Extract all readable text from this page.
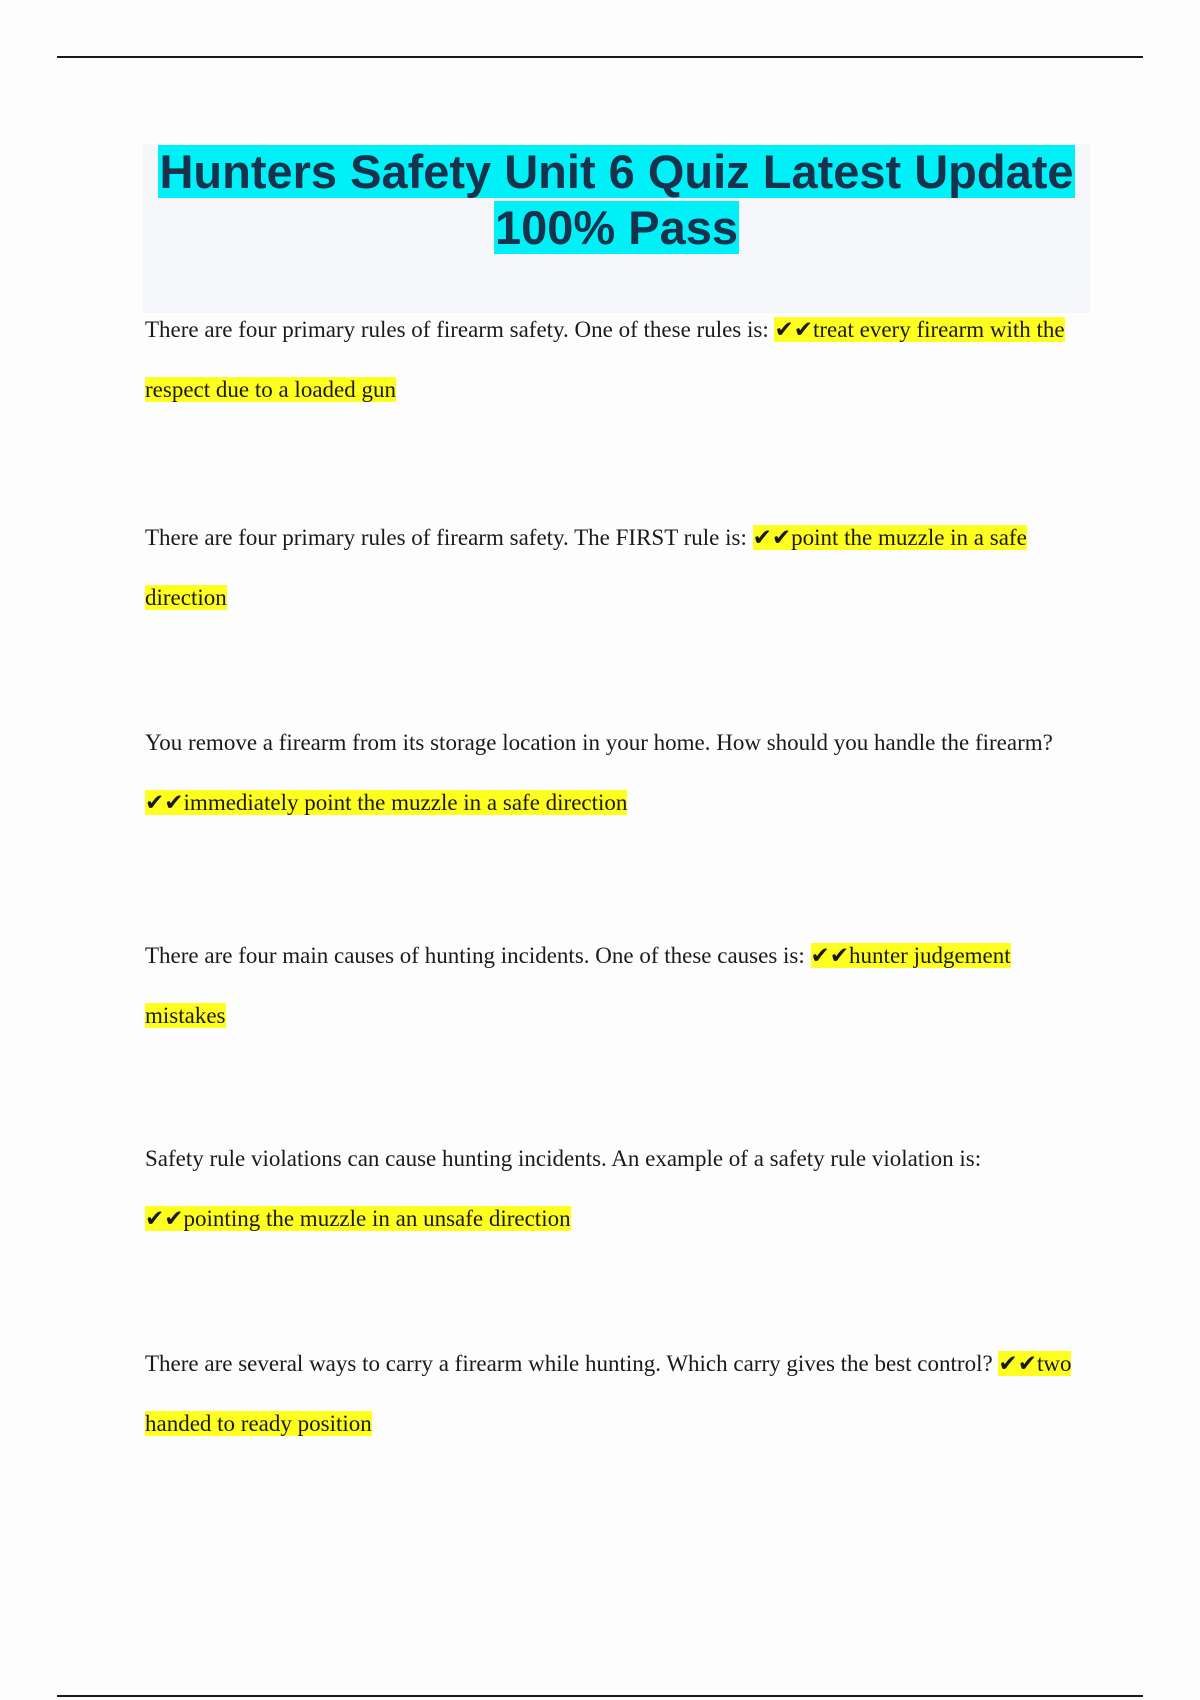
Hunters Safety Unit 6 Quiz Latest Update
100% Pass

There are four primary rules of firearm safety. One of these rules is: ✔✔treat every firearm with the respect due to a loaded gun

There are four primary rules of firearm safety. The FIRST rule is: ✔✔point the muzzle in a safe direction

You remove a firearm from its storage location in your home. How should you handle the firearm? ✔✔immediately point the muzzle in a safe direction

There are four main causes of hunting incidents. One of these causes is: ✔✔hunter judgement mistakes

Safety rule violations can cause hunting incidents. An example of a safety rule violation is: ✔✔pointing the muzzle in an unsafe direction

There are several ways to carry a firearm while hunting. Which carry gives the best control? ✔✔two handed to ready position
